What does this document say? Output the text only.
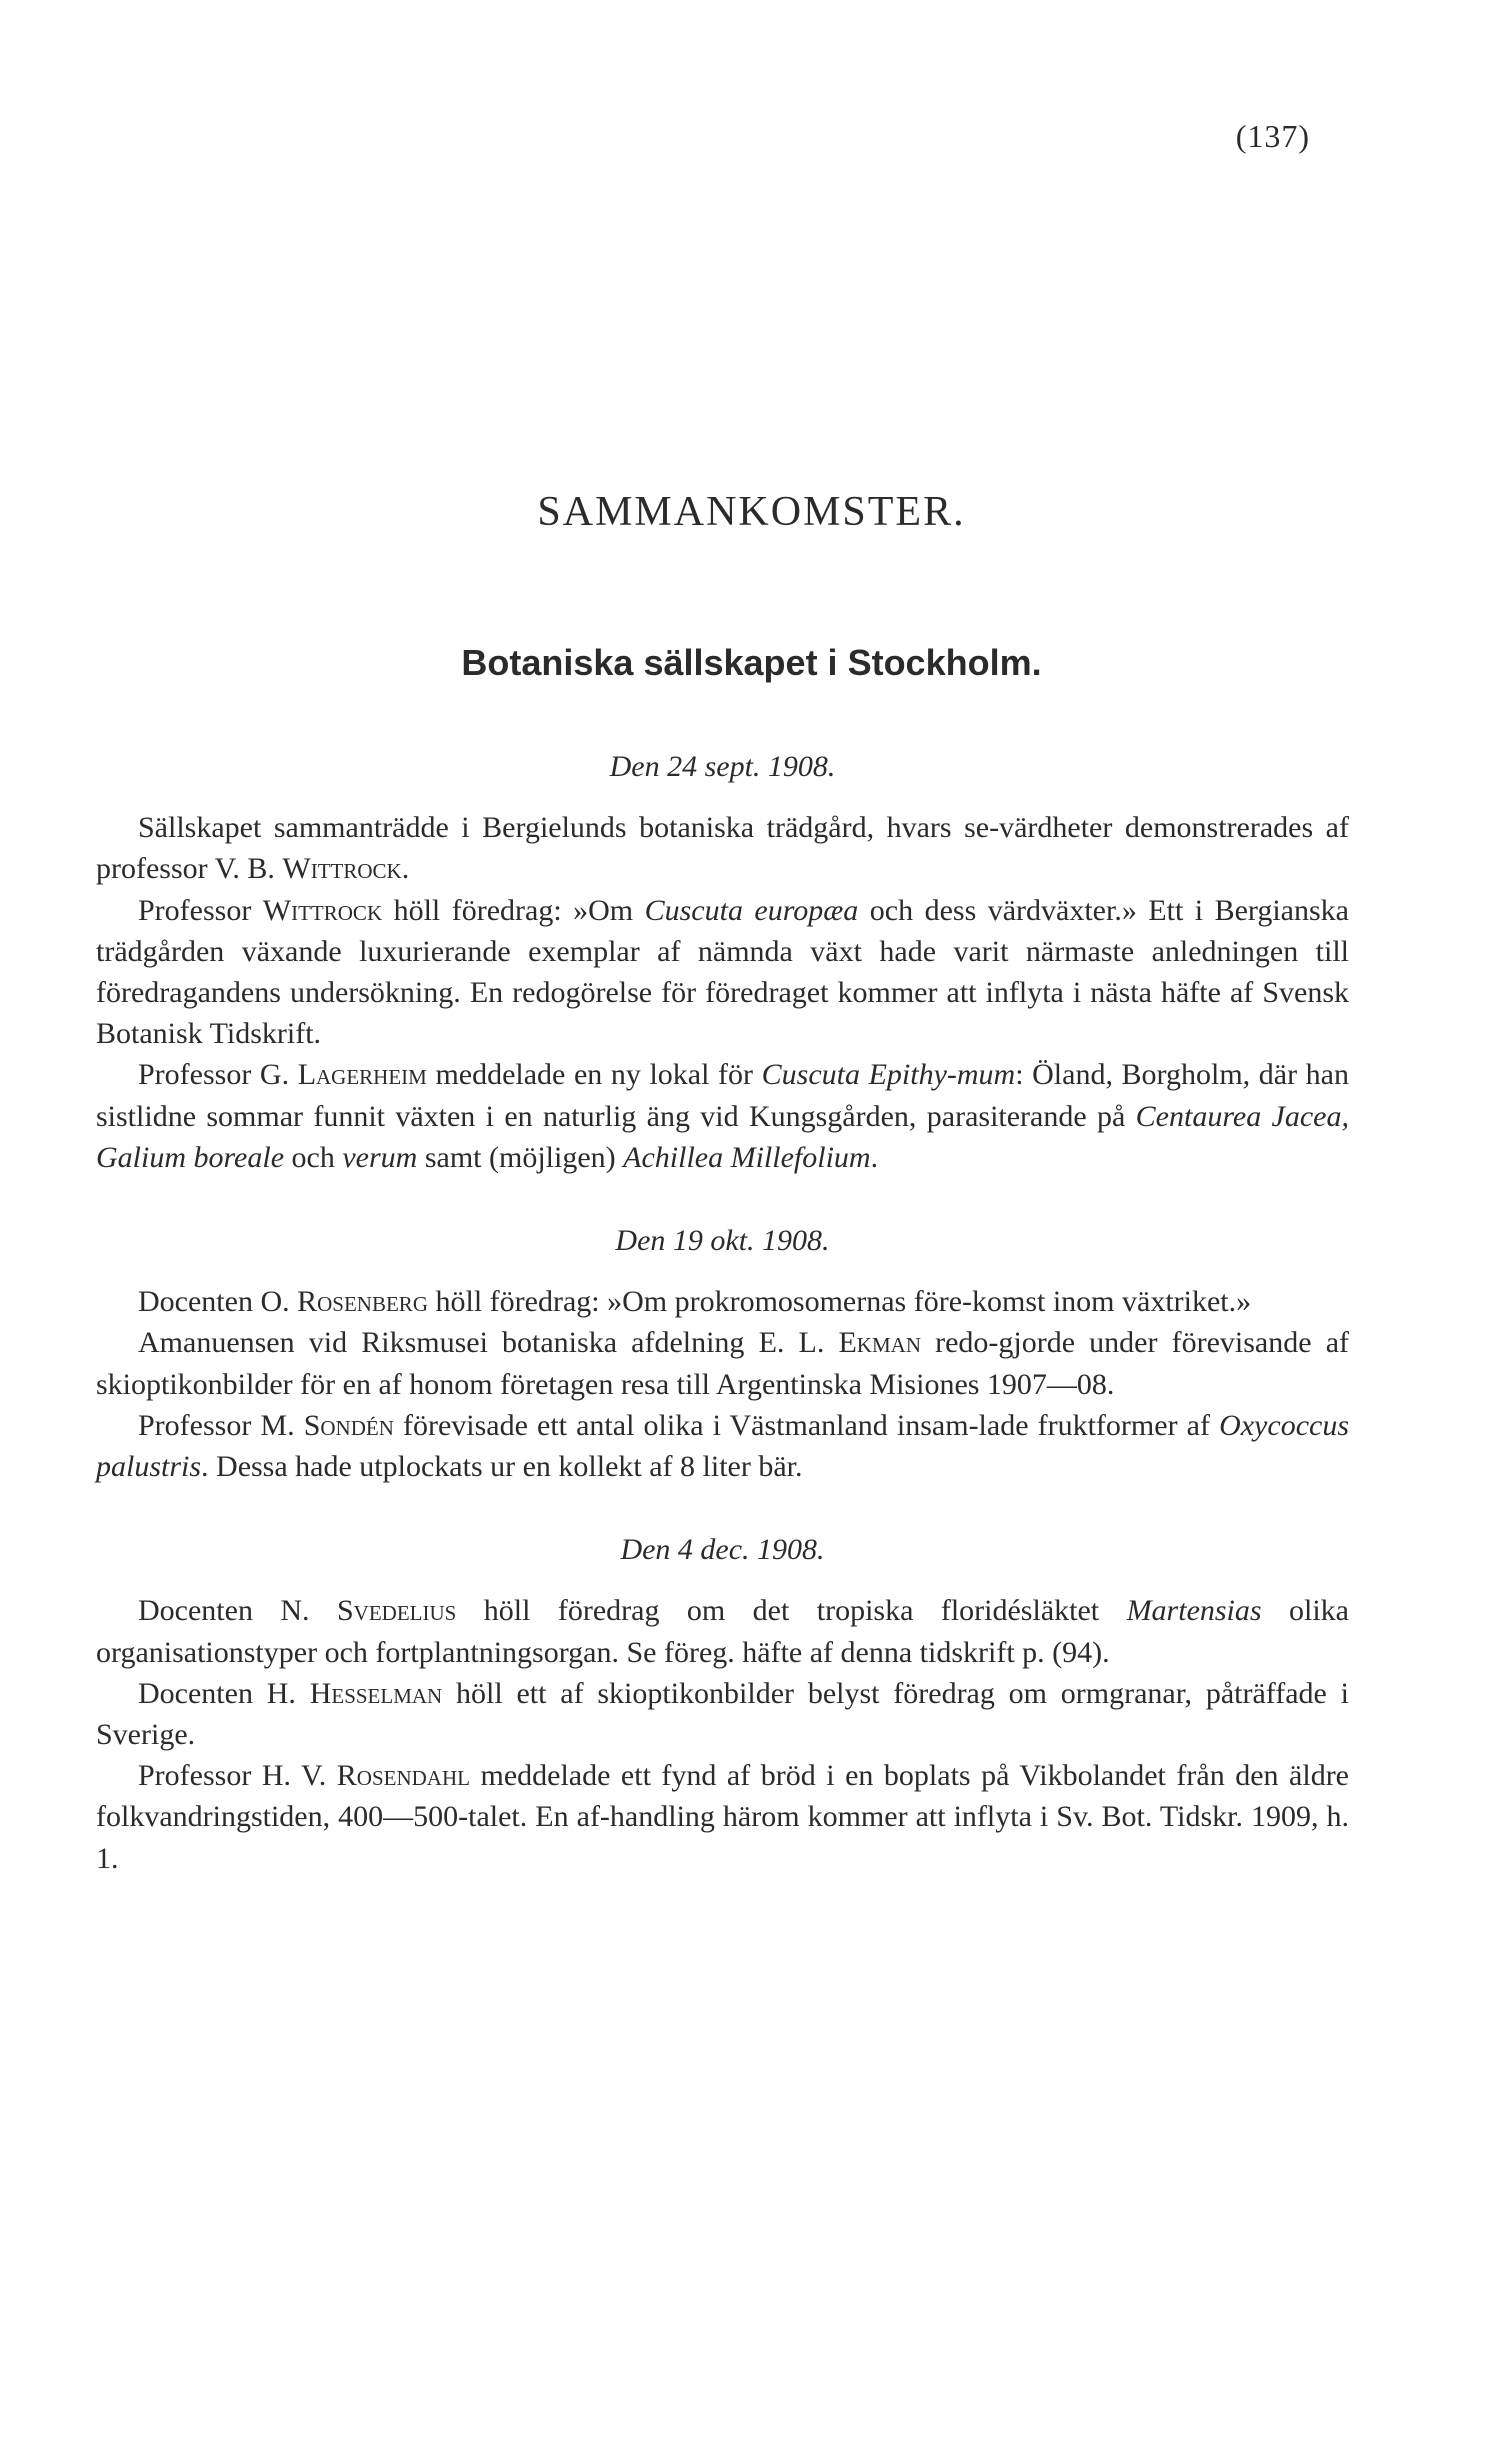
(137)
SAMMANKOMSTER.
Botaniska sällskapet i Stockholm.

Den 24 sept. 1908.

Sällskapet sammanträdde i Bergielunds botaniska trädgård, hvars se-värdheter demonstrerades af professor V. B. Wittrock.

Professor Wittrock höll föredrag: »Om Cuscuta europæa och dess värdväxter.» Ett i Bergianska trädgården växande luxurierande exemplar af nämnda växt hade varit närmaste anledningen till föredragandens undersökning. En redogörelse för föredraget kommer att inflyta i nästa häfte af Svensk Botanisk Tidskrift.

Professor G. Lagerheim meddelade en ny lokal för Cuscuta Epithy-mum: Öland, Borgholm, där han sistlidne sommar funnit växten i en naturlig äng vid Kungsgården, parasiterande på Centaurea Jacea, Galium boreale och verum samt (möjligen) Achillea Millefolium.

Den 19 okt. 1908.

Docenten O. Rosenberg höll föredrag: »Om prokromosomernas före-komst inom växtriket.»

Amanuensen vid Riksmusei botaniska afdelning E. L. Ekman redo-gjorde under förevisande af skioptikonbilder för en af honom företagen resa till Argentinska Misiones 1907—08.

Professor M. Sondén förevisade ett antal olika i Västmanland insam-lade fruktformer af Oxycoccus palustris. Dessa hade utplockats ur en kollekt af 8 liter bär.

Den 4 dec. 1908.

Docenten N. Svedelius höll föredrag om det tropiska floridésläktet Martensias olika organisationstyper och fortplantningsorgan. Se föreg. häfte af denna tidskrift p. (94).

Docenten H. Hesselman höll ett af skioptikonbilder belyst föredrag om ormgranar, påträffade i Sverige.

Professor H. V. Rosendahl meddelade ett fynd af bröd i en boplats på Vikbolandet från den äldre folkvandringstiden, 400—500-talet. En af-handling härom kommer att inflyta i Sv. Bot. Tidskr. 1909, h. 1.
